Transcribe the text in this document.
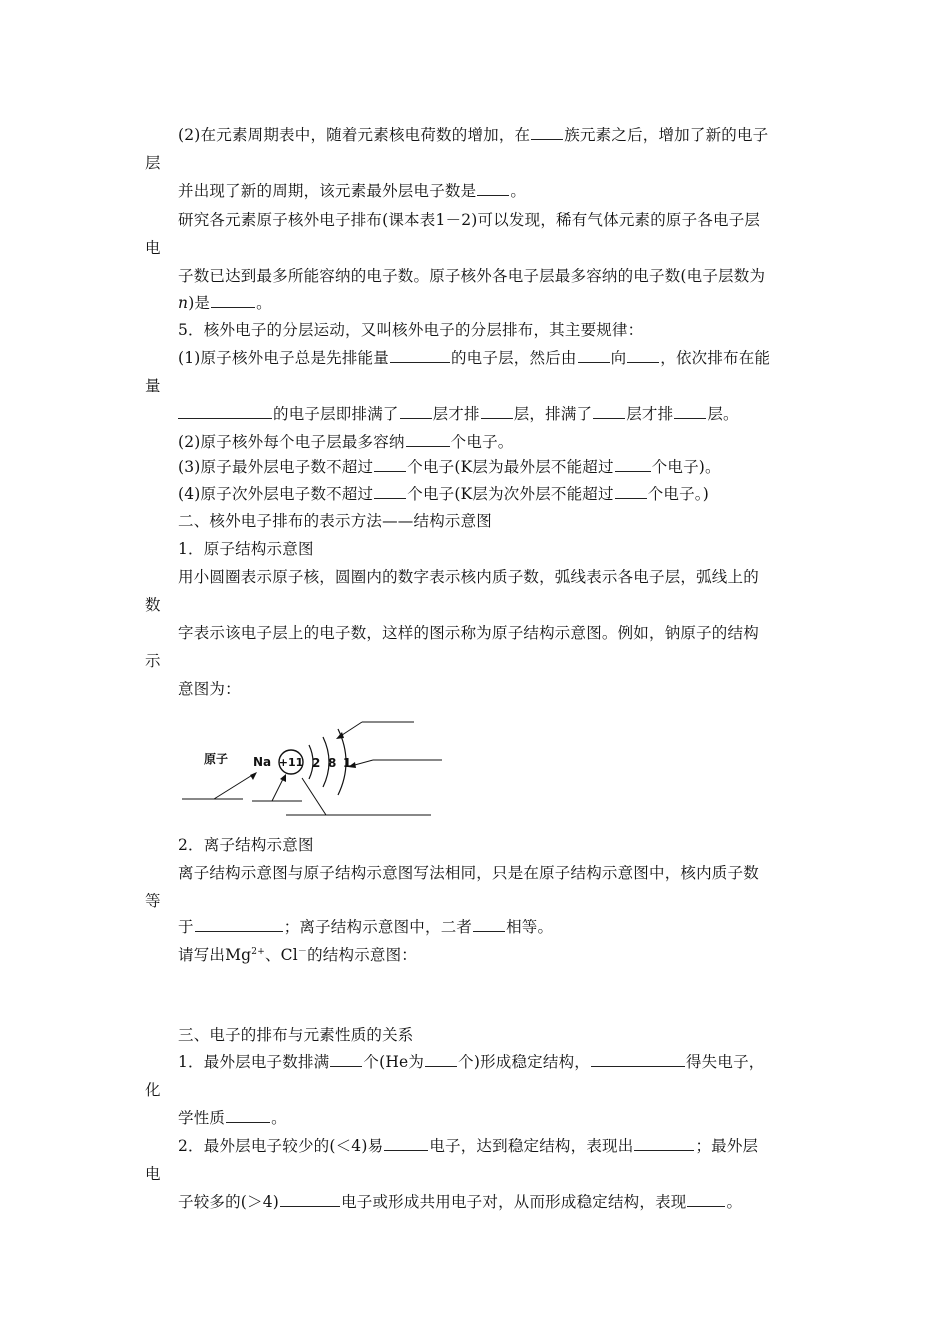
(2)在元素周期表中，随着元素核电荷数的增加，在 族元素之后，增加了新的电子
层
并出现了新的周期，该元素最外层电子数是 。
研究各元素原子核外电子排布(课本表1－2)可以发现，稀有气体元素的原子各电子层
电
子数已达到最多所能容纳的电子数。原子核外各电子层最多容纳的电子数(电子层数为
n)是	。
5．核外电子的分层运动，又叫核外电子的分层排布，其主要规律：
(1)原子核外电子总是先排能量	的电子层，然后由 向 ，依次排布在能
量
的电子层即排满了 层才排 层，排满了 层才排 层。
(2)原子核外每个电子层最多容纳	个电子。
(3)原子最外层电子数不超过 个电子(K层为最外层不能超过 个电子)。
(4)原子次外层电子数不超过 个电子(K层为次外层不能超过 个电子。)
二、核外电子排布的表示方法——结构示意图
1．原子结构示意图
用小圆圈表示原子核，圆圈内的数字表示核内质子数，弧线表示各电子层，弧线上的
数
字表示该电子层上的电子数，这样的图示称为原子结构示意图。例如，钠原子的结构
示
意图为：
原子 Na +11 2 8 1
2．离子结构示意图
离子结构示意图与原子结构示意图写法相同，只是在原子结构示意图中，核内质子数
等
于	；离子结构示意图中，二者 相等。
请写出$Mg^{2+}$、Cl－的结构示意图：
三、电子的排布与元素性质的关系
1．最外层电子数排满 个(He为 个)形成稳定结构，	得失电子，
化
学性质	。
2．最外层电子较少的(＜4)易	电子，达到稳定结构，表现出	；最外层
电
子较多的(＞4)	电子或形成共用电子对，从而形成稳定结构，表现	。
